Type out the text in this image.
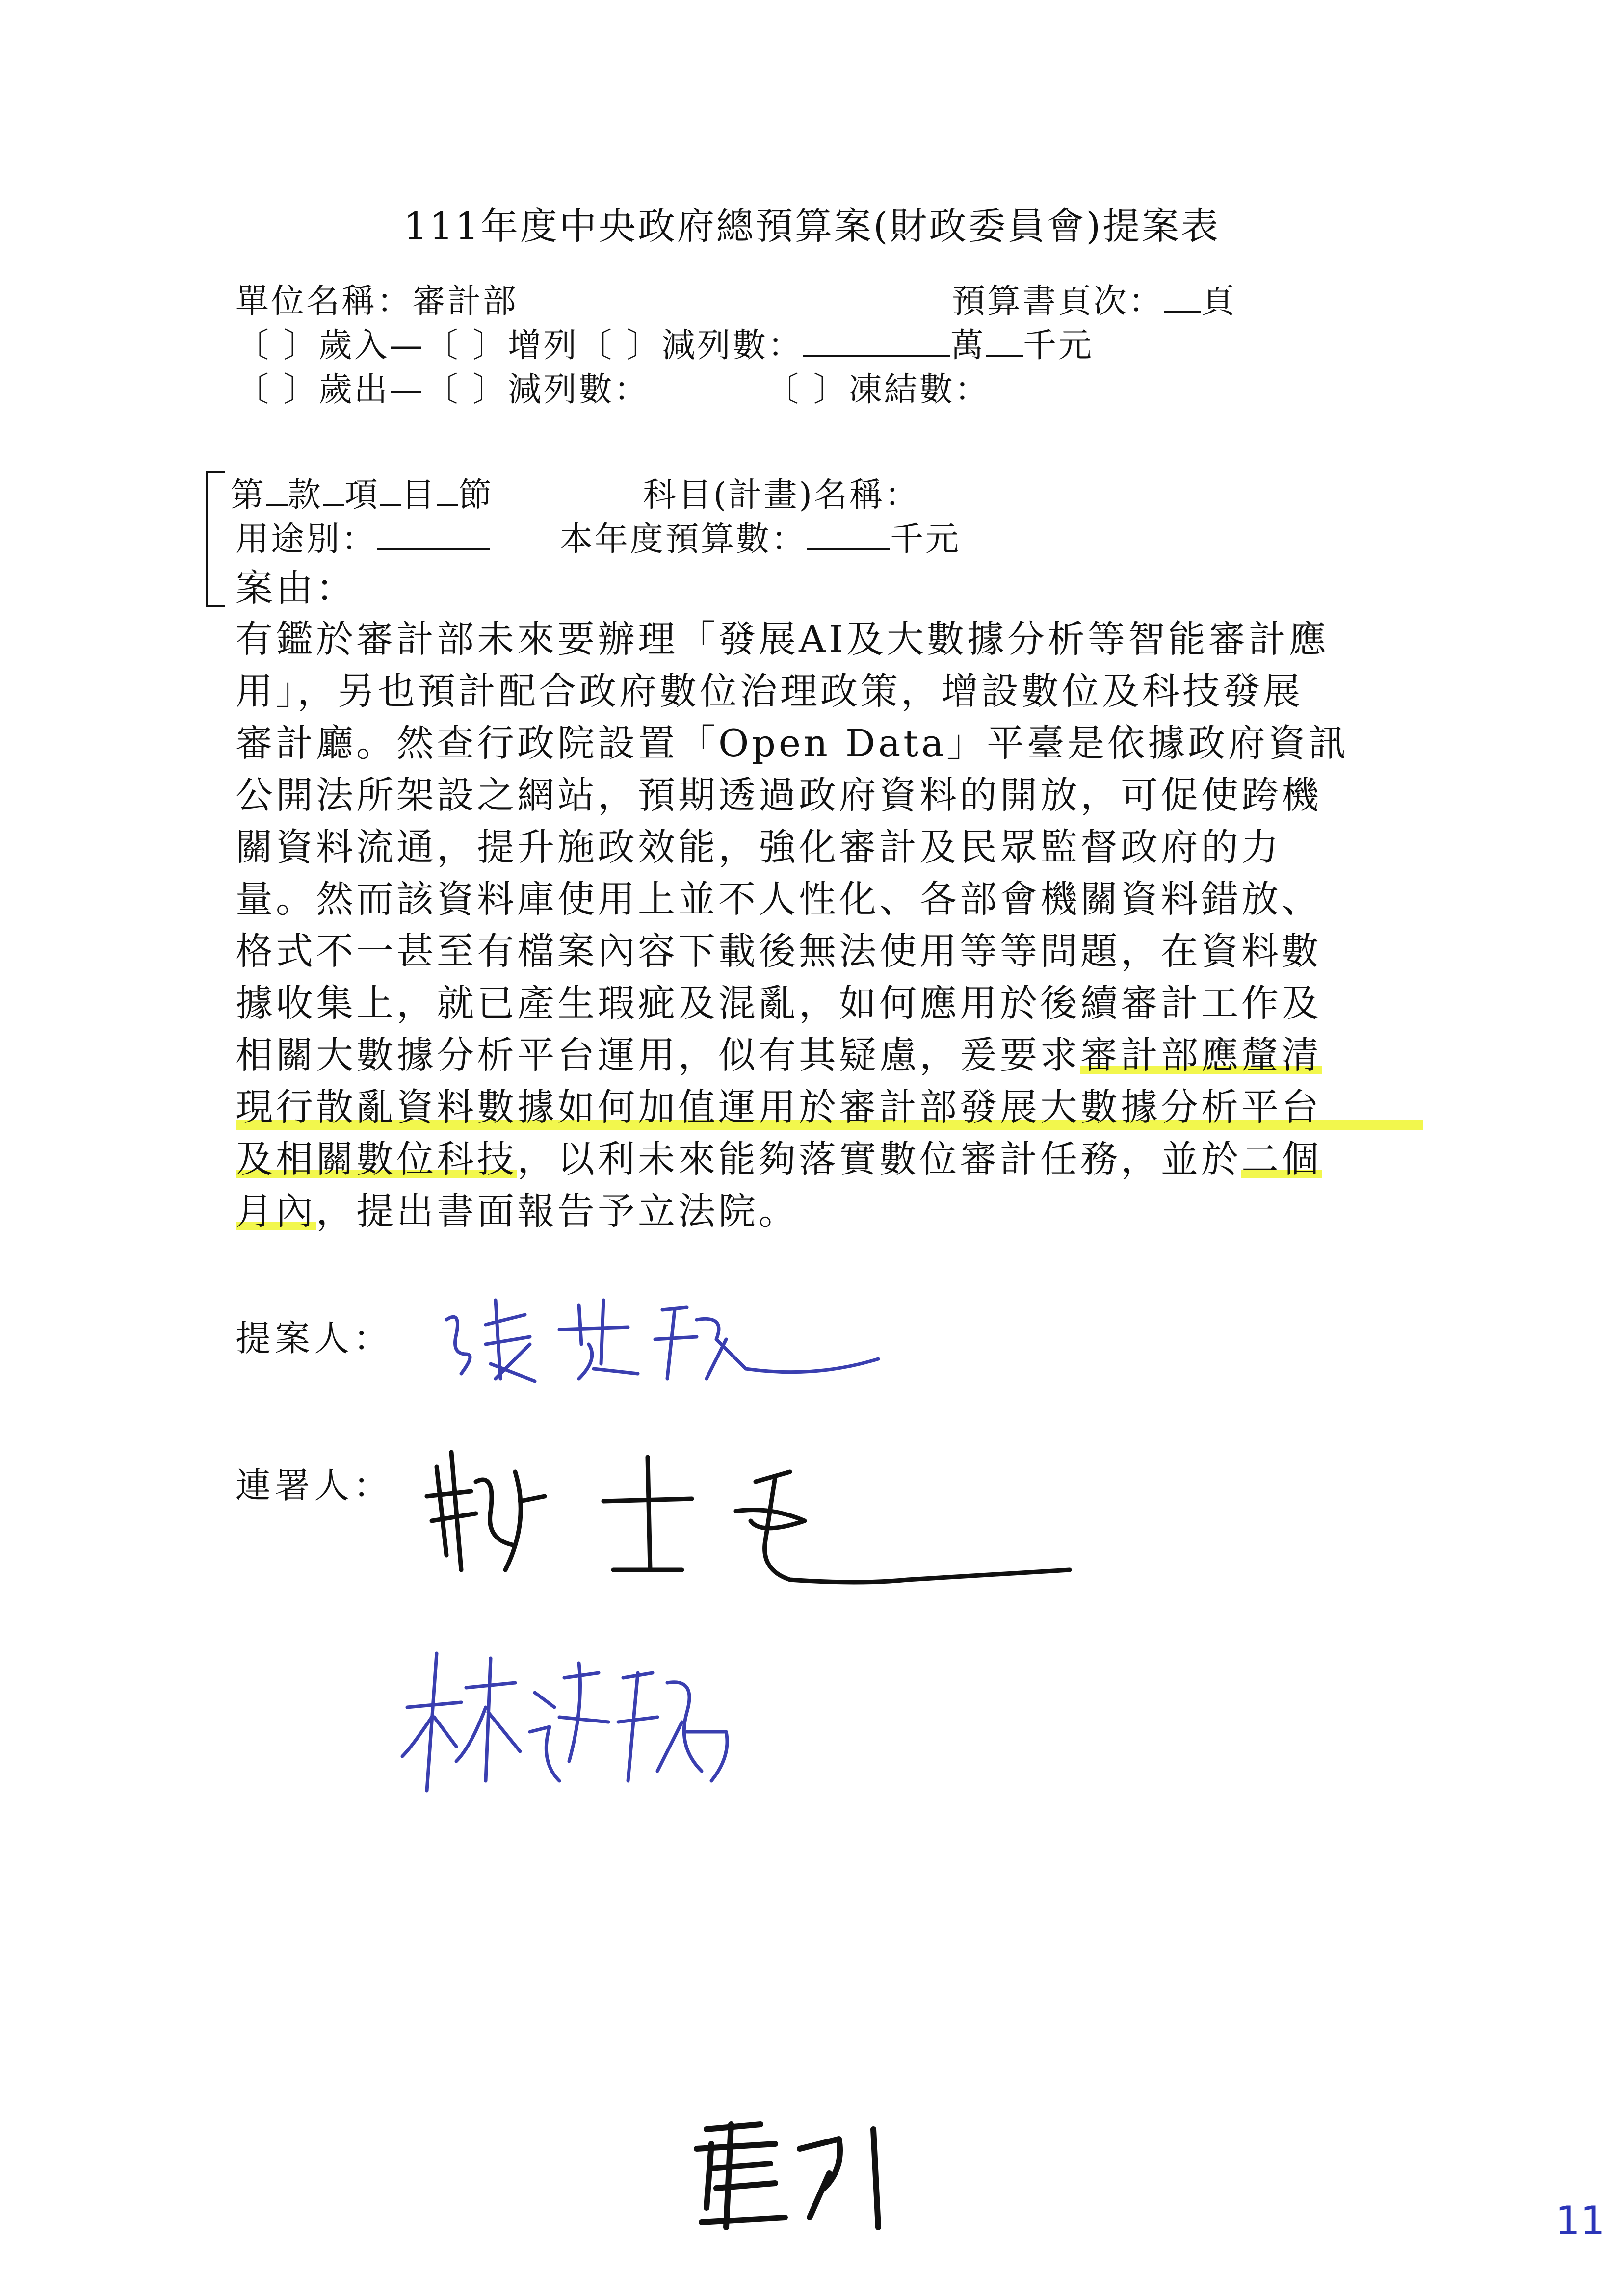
111年度中央政府總預算案(財政委員會)提案表
單位名稱：審計部	預算書頁次： 頁
〔 〕歲入—〔 〕增列〔 〕減列數：	萬 千元
〔 〕歲出—〔 〕減列數：	〔 〕凍結數：
第 款 項 目 節	科目(計畫)名稱：
用途別：	本年度預算數：	千元
案由：
有鑑於審計部未來要辦理「發展AI及大數據分析等智能審計應
用」，另也預計配合政府數位治理政策，增設數位及科技發展
審計廳。然查行政院設置「Open Data」平臺是依據政府資訊
公開法所架設之網站，預期透過政府資料的開放，可促使跨機
關資料流通，提升施政效能，強化審計及民眾監督政府的力
量。然而該資料庫使用上並不人性化、各部會機關資料錯放、
格式不一甚至有檔案內容下載後無法使用等等問題，在資料數
據收集上，就已產生瑕疵及混亂，如何應用於後續審計工作及
相關大數據分析平台運用，似有其疑慮，爰要求審計部應釐清
現行散亂資料數據如何加值運用於審計部發展大數據分析平台
及相關數位科技，以利未來能夠落實數位審計任務，並於二個
月內，提出書面報告予立法院。
提案人：
連署人：
11
